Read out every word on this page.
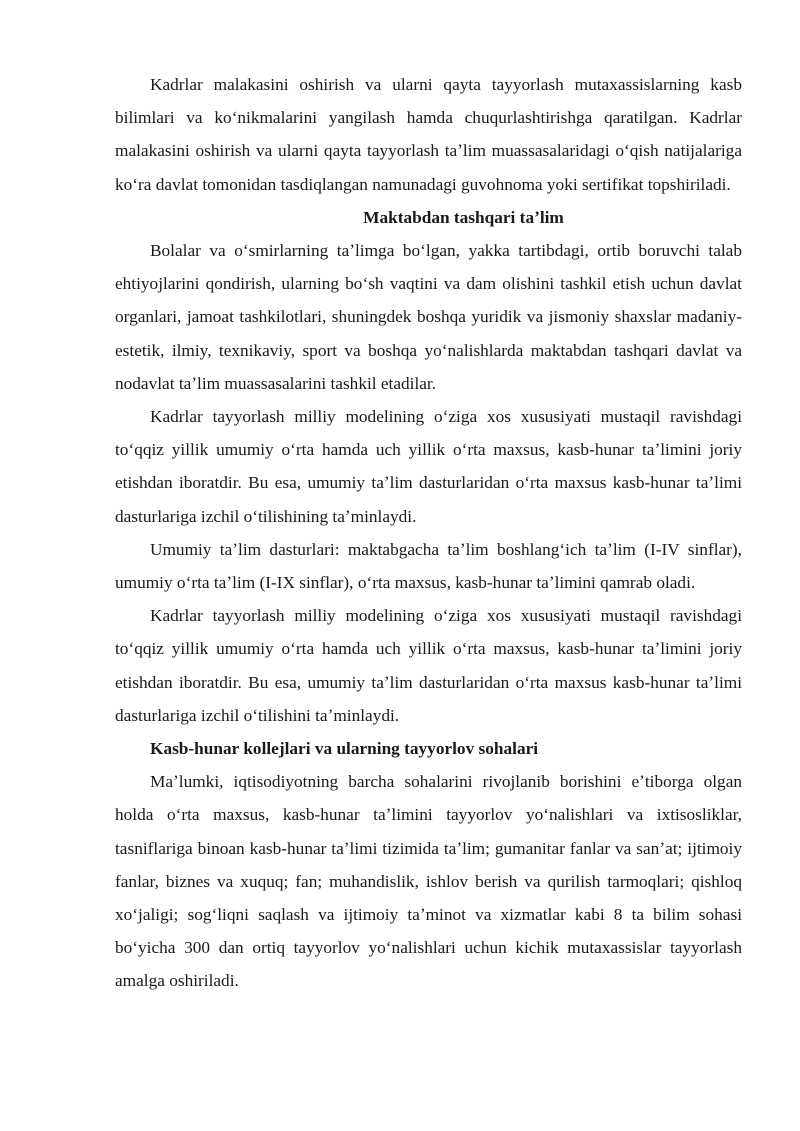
Kadrlar malakasini oshirish va ularni qayta tayyorlash mutaxassislarning kasb bilimlari va koʻnikmalarini yangilash hamda chuqurlashtirishga qaratilgan. Kadrlar malakasini oshirish va ularni qayta tayyorlash taʼlim muassasalaridagi oʻqish natijalariga koʻra davlat tomonidan tasdiqlangan namunadagi guvohnoma yoki sertifikat topshiriladi.

Maktabdan tashqari taʼlim

Bolalar va oʻsmirlarning taʼlimga boʻlgan, yakka tartibdagi, ortib boruvchi talab ehtiyojlarini qondirish, ularning boʻsh vaqtini va dam olishini tashkil etish uchun davlat organlari, jamoat tashkilotlari, shuningdek boshqa yuridik va jismoniy shaxslar madaniy-estetik, ilmiy, texnikaviy, sport va boshqa yoʻnalishlarda maktabdan tashqari davlat va nodavlat taʼlim muassasalarini tashkil etadilar.

Kadrlar tayyorlash milliy modelining oʻziga xos xususiyati mustaqil ravishdagi toʻqqiz yillik umumiy oʻrta hamda uch yillik oʻrta maxsus, kasb-hunar taʼlimini joriy etishdan iboratdir. Bu esa, umumiy taʼlim dasturlaridan oʻrta maxsus kasb-hunar taʼlimi dasturlariga izchil oʻtilishining taʼminlaydi.

Umumiy taʼlim dasturlari: maktabgacha taʼlim boshlangʻich taʼlim (I-IV sinflar), umumiy oʻrta taʼlim (I-IX sinflar), oʻrta maxsus, kasb-hunar taʼlimini qamrab oladi.

Kadrlar tayyorlash milliy modelining oʻziga xos xususiyati mustaqil ravishdagi toʻqqiz yillik umumiy oʻrta hamda uch yillik oʻrta maxsus, kasb-hunar taʼlimini joriy etishdan iboratdir. Bu esa, umumiy taʼlim dasturlaridan oʻrta maxsus kasb-hunar taʼlimi dasturlariga izchil oʻtilishini taʼminlaydi.

Kasb-hunar kollejlari va ularning tayyorlov sohalari

Maʼlumki, iqtisodiyotning barcha sohalarini rivojlanib borishini eʼtiborga olgan holda oʻrta maxsus, kasb-hunar taʼlimini tayyorlov yoʻnalishlari va ixtisosliklar, tasniflariga binoan kasb-hunar taʼlimi tizimida taʼlim; gumanitar fanlar va sanʼat; ijtimoiy fanlar, biznes va xuquq; fan; muhandislik, ishlov berish va qurilish tarmoqlari; qishloq xoʻjaligi; sogʻliqni saqlash va ijtimoiy taʼminot va xizmatlar kabi 8 ta bilim sohasi boʻyicha 300 dan ortiq tayyorlov yoʻnalishlari uchun kichik mutaxassislar tayyorlash amalga oshiriladi.
